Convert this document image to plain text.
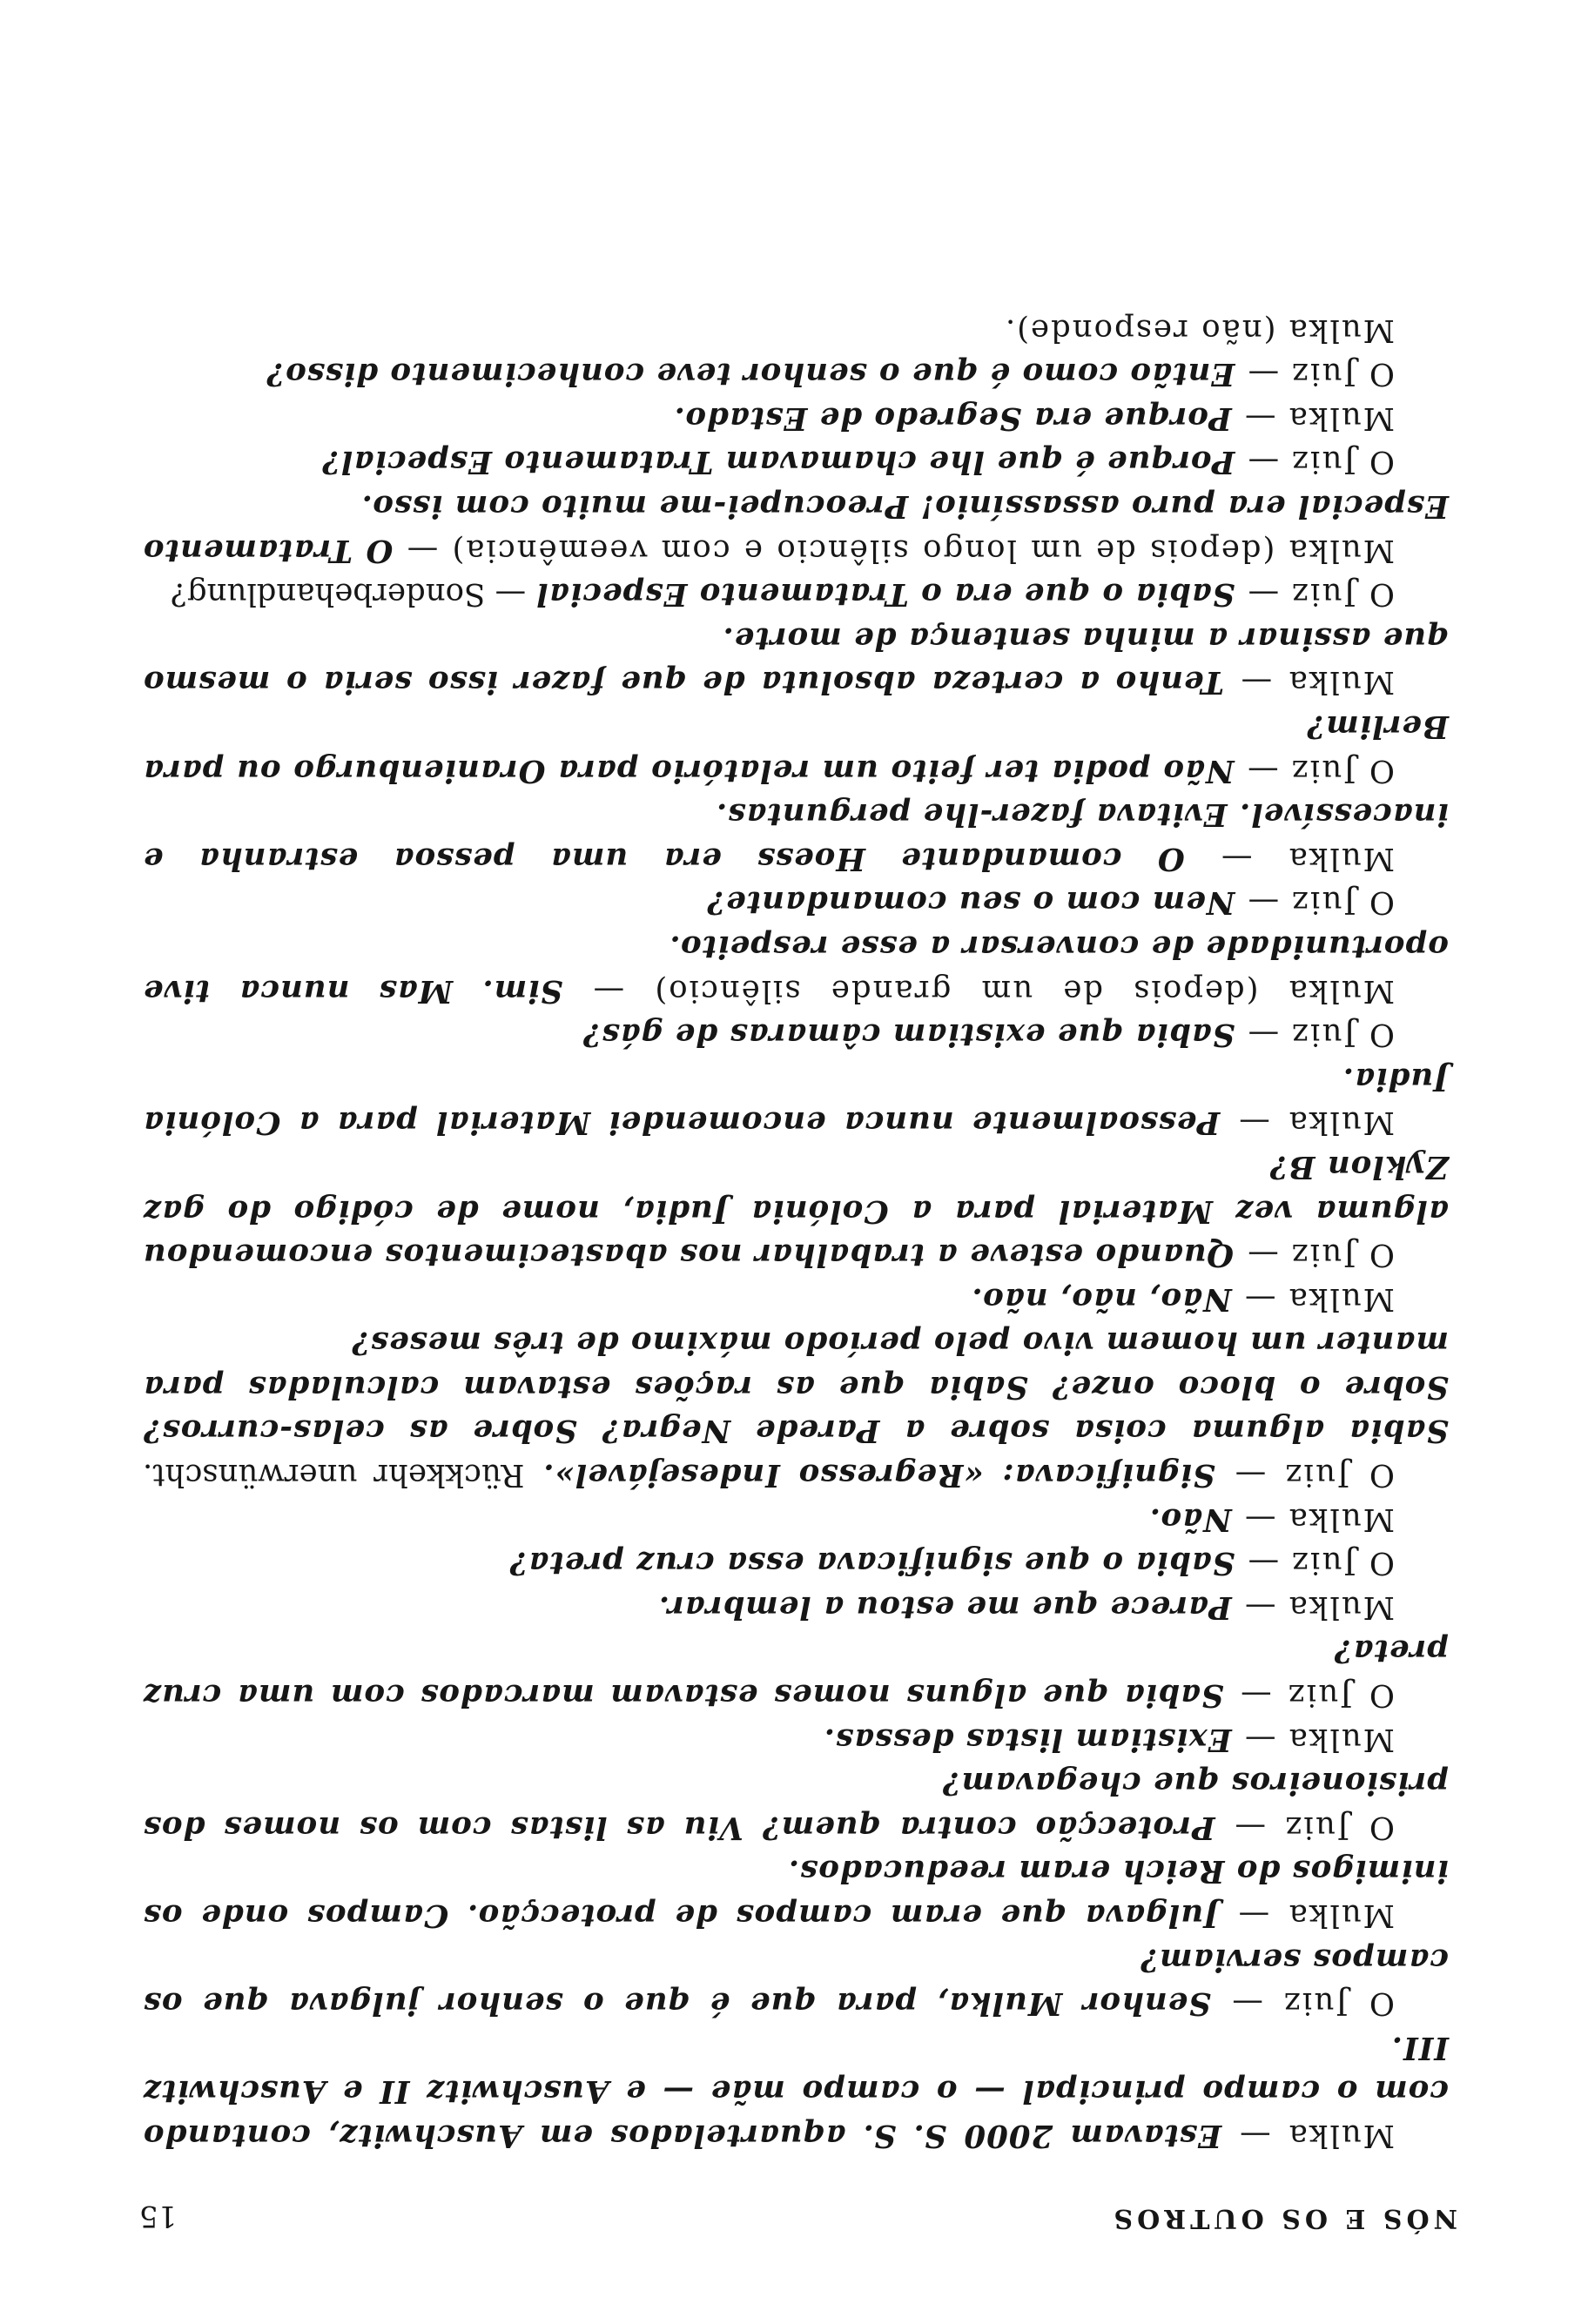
NÓS E OS OUTROS
15

Mulka — Estavam 2000 S. S. aquartelados em Auschwitz, contando com o campo principal — o campo mãe — e Auschwitz II e Auschwitz III.

O Juiz — Senhor Mulka, para que é que o senhor julgava que os campos serviam?

Mulka — Julgava que eram campos de protecção. Campos onde os inimigos do Reich eram reeducados.

O Juiz — Protecção contra quem? Viu as listas com os nomes dos prisioneiros que chegavam?

Mulka — Existiam listas dessas.

O Juiz — Sabia que alguns nomes estavam marcados com uma cruz preta?

Mulka — Parece que me estou a lembrar.

O Juiz — Sabia o que significava essa cruz preta?

Mulka — Não.

O Juiz — Significava: «Regresso Indesejável». Rückkehr unerwünscht. Sabia alguma coisa sobre a Parede Negra? Sobre as celas-curros? Sobre o bloco onze? Sabia que as rações estavam calculadas para manter um homem vivo pelo período máximo de três meses?

Mulka — Não, não, não.

O Juiz — Quando esteve a trabalhar nos abastecimentos encomendou alguma vez Material para a Colónia Judia, nome de código do gaz Zyklon B?

Mulka — Pessoalmente nunca encomendei Material para a Colónia Judia.

O Juiz — Sabia que existiam câmaras de gás?

Mulka (depois de um grande silêncio) — Sim. Mas nunca tive oportunidade de conversar a esse respeito.

O Juiz — Nem com o seu comandante?

Mulka — O comandante Hoess era uma pessoa estranha e inacessível. Evitava fazer-lhe perguntas.

O Juiz — Não podia ter feito um relatório para Oranienburgo ou para Berlim?

Mulka — Tenho a certeza absoluta de que fazer isso seria o mesmo que assinar a minha sentença de morte.

O Juiz — Sabia o que era o Tratamento Especial — Sonderbehandlung?

Mulka (depois de um longo silêncio e com veemência) — O Tratamento Especial era puro assassínio! Preocupei-me muito com isso.

O Juiz — Porque é que lhe chamavam Tratamento Especial?

Mulka — Porque era Segredo de Estado.

O Juiz — Então como é que o senhor teve conhecimento disso?

Mulka (não responde).
